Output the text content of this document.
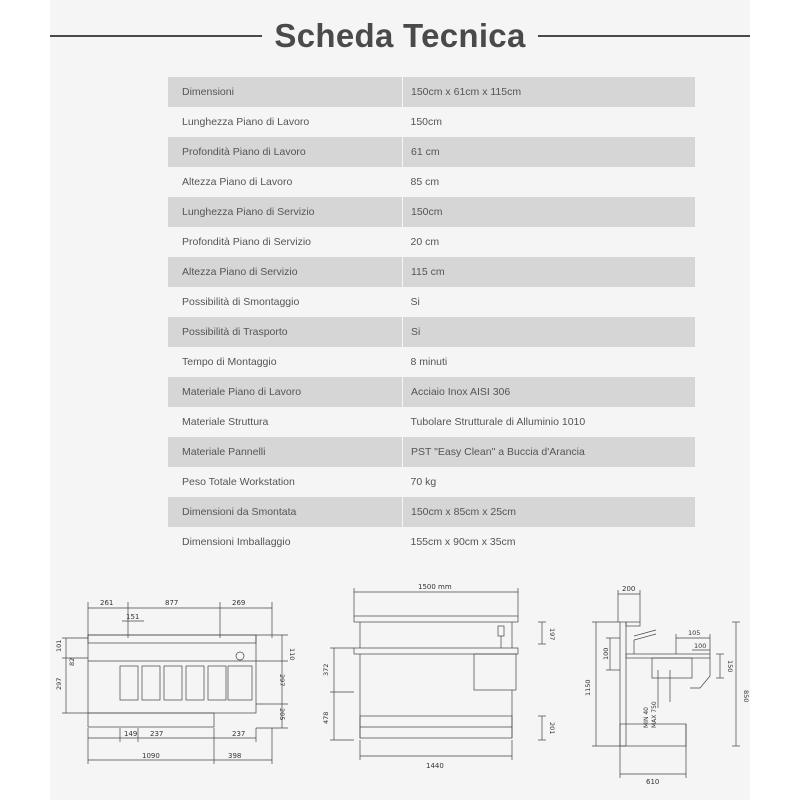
Scheda Tecnica
Dimensioni	150cm x 61cm x 115cm
Lunghezza Piano di Lavoro	150cm
Profondità Piano di Lavoro	61 cm
Altezza Piano di Lavoro	85 cm
Lunghezza Piano di Servizio	150cm
Profondità Piano di Servizio	20 cm
Altezza Piano di Servizio	115 cm
Possibilità di Smontaggio	Si
Possibilità di Trasporto	Si
Tempo di Montaggio	8 minuti
Materiale Piano di Lavoro	Acciaio Inox AISI 306
Materiale Struttura	Tubolare Strutturale di Alluminio 1010
Materiale Pannelli	PST "Easy Clean" a Buccia d'Arancia
Peso Totale Workstation	70 kg
Dimensioni da Smontata	150cm x 85cm x 25cm
Dimensioni Imballaggio	155cm x 90cm x 35cm
261	877	269
151
101
82
110
297	297
205
149 237	237
1090	398
1500 mm
197
372
478
201
1440
200
105
100
100
150
1150
850
MIN 40 MAX 750
610
